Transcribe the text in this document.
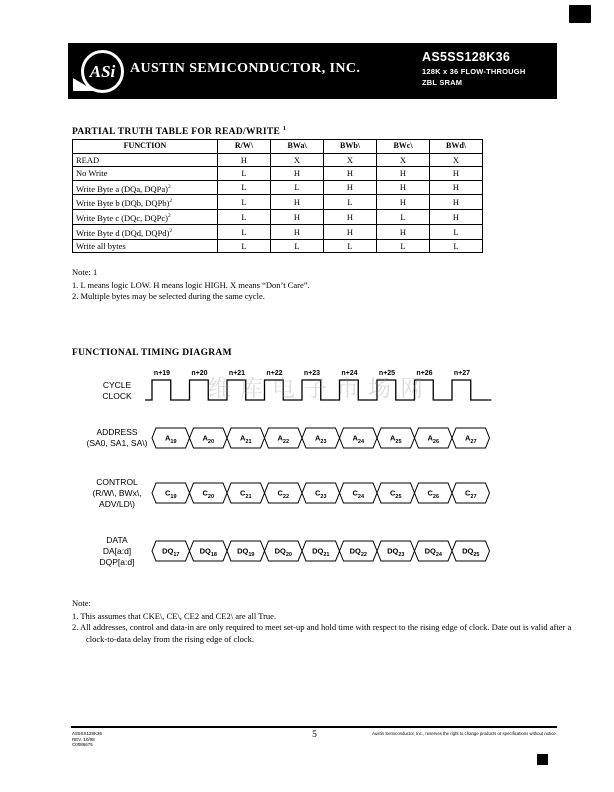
ASi AUSTIN SEMICONDUCTOR, INC.
AS5SS128K36
128K x 36 FLOW-THROUGH
ZBL SRAM
PARTIAL TRUTH TABLE FOR READ/WRITE $^1$
FUNCTION	R/W\	BWa\	BWb\	BWc\	BWd\
READ	H	X	X	X	X
No Write	L	H	H	H	H
Write Byte a (DQa, DQPa)$^2$	L	L	H	H	H
Write Byte b (DQb, DQPb)$^2$	L	H	L	H	H
Write Byte c (DQc, DQPc)$^2$	L	H	H	L	H
Write Byte d (DQd, DQPd)$^2$	L	H	H	H	L
Write all bytes	L	L	L	L	L
Note: 1
1. L means logic LOW. H means logic HIGH. X means “Don’t Care”.
2. Multiple bytes may be selected during the same cycle.
FUNCTIONAL TIMING DIAGRAM
维库电子市场网
CYCLE
CLOCK
ADDRESS
(SA0, SA1, SA\)
CONTROL
(R/W\, BWx\,
ADV/LD\)
DATA
DA[a:d]
DQP[a:d]
n+19	n+20	n+21	n+22	n+23	n+24	n+25	n+26	n+27
$A_{19}$	$A_{20}$	$A_{21}$	$A_{22}$	$A_{23}$	$A_{24}$	$A_{25}$	$A_{26}$	$A_{27}$
$C_{19}$	$C_{20}$	$C_{21}$	$C_{22}$	$C_{23}$	$C_{24}$	$C_{25}$	$C_{26}$	$C_{27}$
$DQ_{17}$	$DQ_{18}$	$DQ_{19}$	$DQ_{20}$	$DQ_{21}$	$DQ_{22}$	$DQ_{23}$	$DQ_{24}$	$DQ_{25}$
Note:
1. This assumes that CKE\, CE\, CE2 and CE2\ are all True.
2. All addresses, control and data-in are only required to meet set-up and hold time with respect to the rising edge of clock. Date out is valid after a clock-to-data delay from the rising edge of clock.
AS5SS128K36
REV. 10/98
C0086675
5	Austin Semiconductor, Inc., reserves the right to change products or specifications without notice.
